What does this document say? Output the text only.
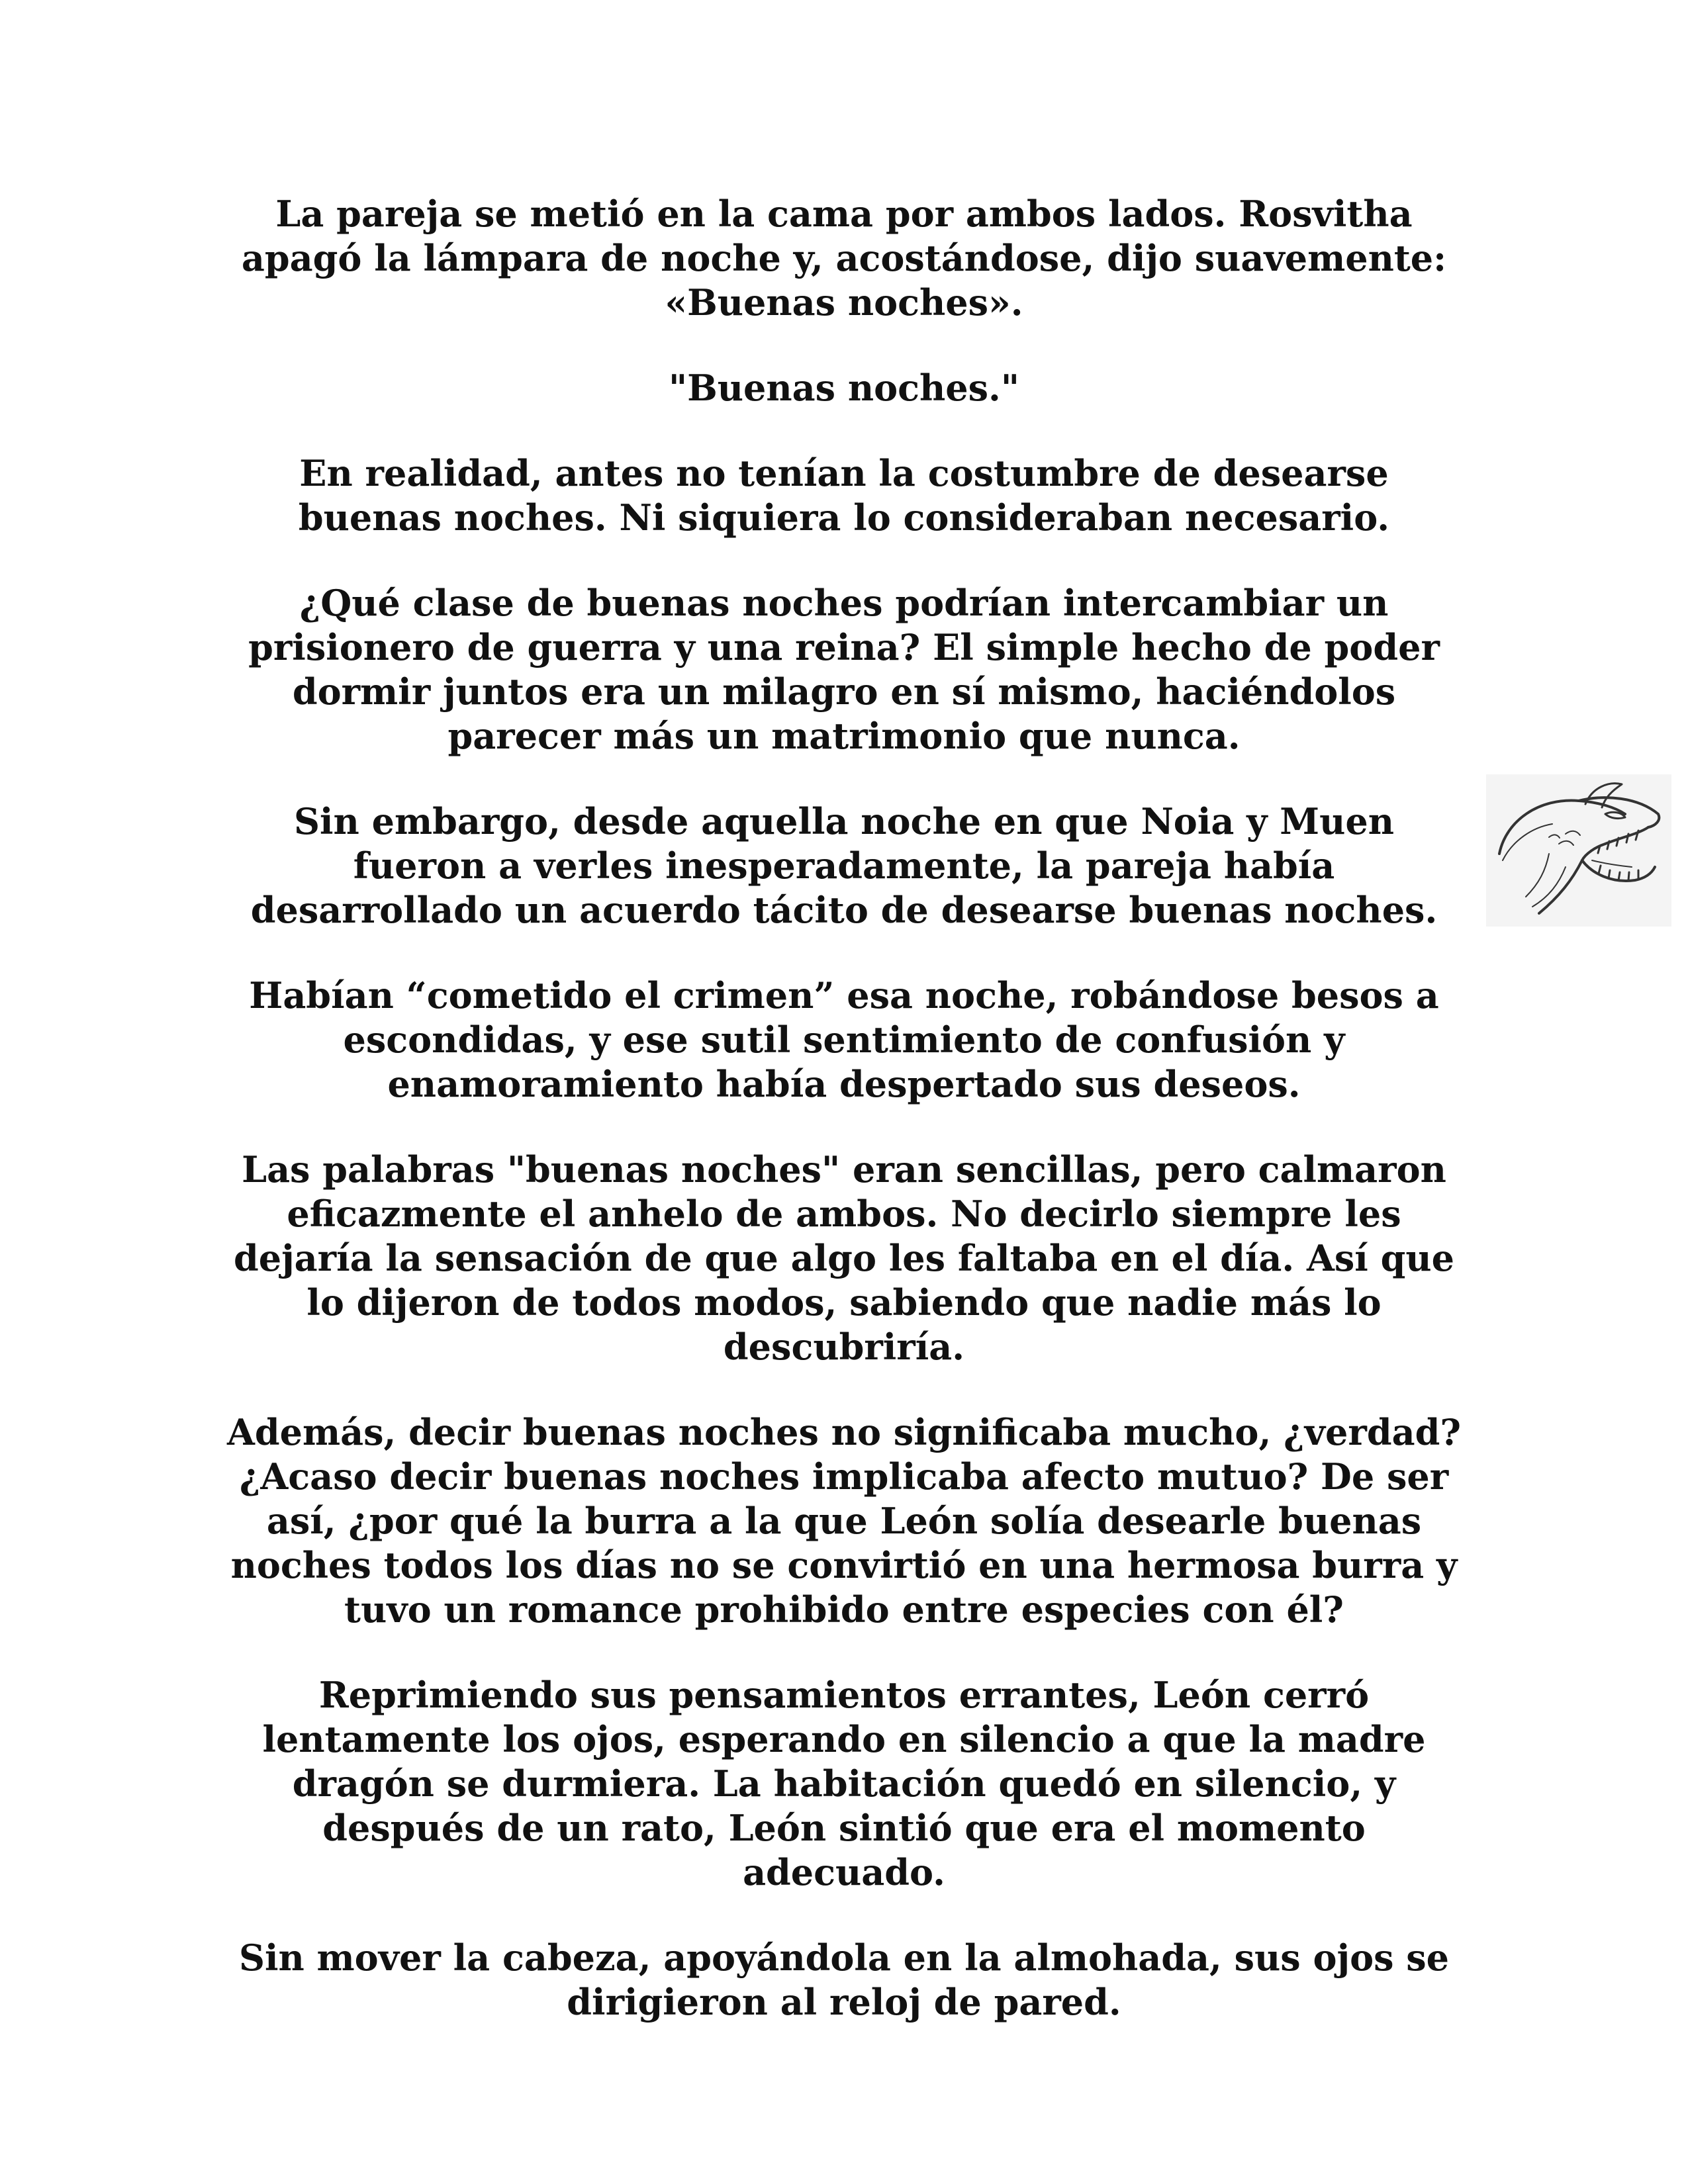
La pareja se metió en la cama por ambos lados. Rosvitha apagó la lámpara de noche y, acostándose, dijo suavemente: «Buenas noches».

"Buenas noches."

En realidad, antes no tenían la costumbre de desearse buenas noches. Ni siquiera lo consideraban necesario.

¿Qué clase de buenas noches podrían intercambiar un prisionero de guerra y una reina? El simple hecho de poder dormir juntos era un milagro en sí mismo, haciéndolos parecer más un matrimonio que nunca.

Sin embargo, desde aquella noche en que Noia y Muen fueron a verles inesperadamente, la pareja había desarrollado un acuerdo tácito de desearse buenas noches.

Habían “cometido el crimen” esa noche, robándose besos a escondidas, y ese sutil sentimiento de confusión y enamoramiento había despertado sus deseos.

Las palabras "buenas noches" eran sencillas, pero calmaron eficazmente el anhelo de ambos. No decirlo siempre les dejaría la sensación de que algo les faltaba en el día. Así que lo dijeron de todos modos, sabiendo que nadie más lo descubriría.

Además, decir buenas noches no significaba mucho, ¿verdad? ¿Acaso decir buenas noches implicaba afecto mutuo? De ser así, ¿por qué la burra a la que León solía desearle buenas noches todos los días no se convirtió en una hermosa burra y tuvo un romance prohibido entre especies con él?

Reprimiendo sus pensamientos errantes, León cerró lentamente los ojos, esperando en silencio a que la madre dragón se durmiera. La habitación quedó en silencio, y después de un rato, León sintió que era el momento adecuado.

Sin mover la cabeza, apoyándola en la almohada, sus ojos se dirigieron al reloj de pared.
